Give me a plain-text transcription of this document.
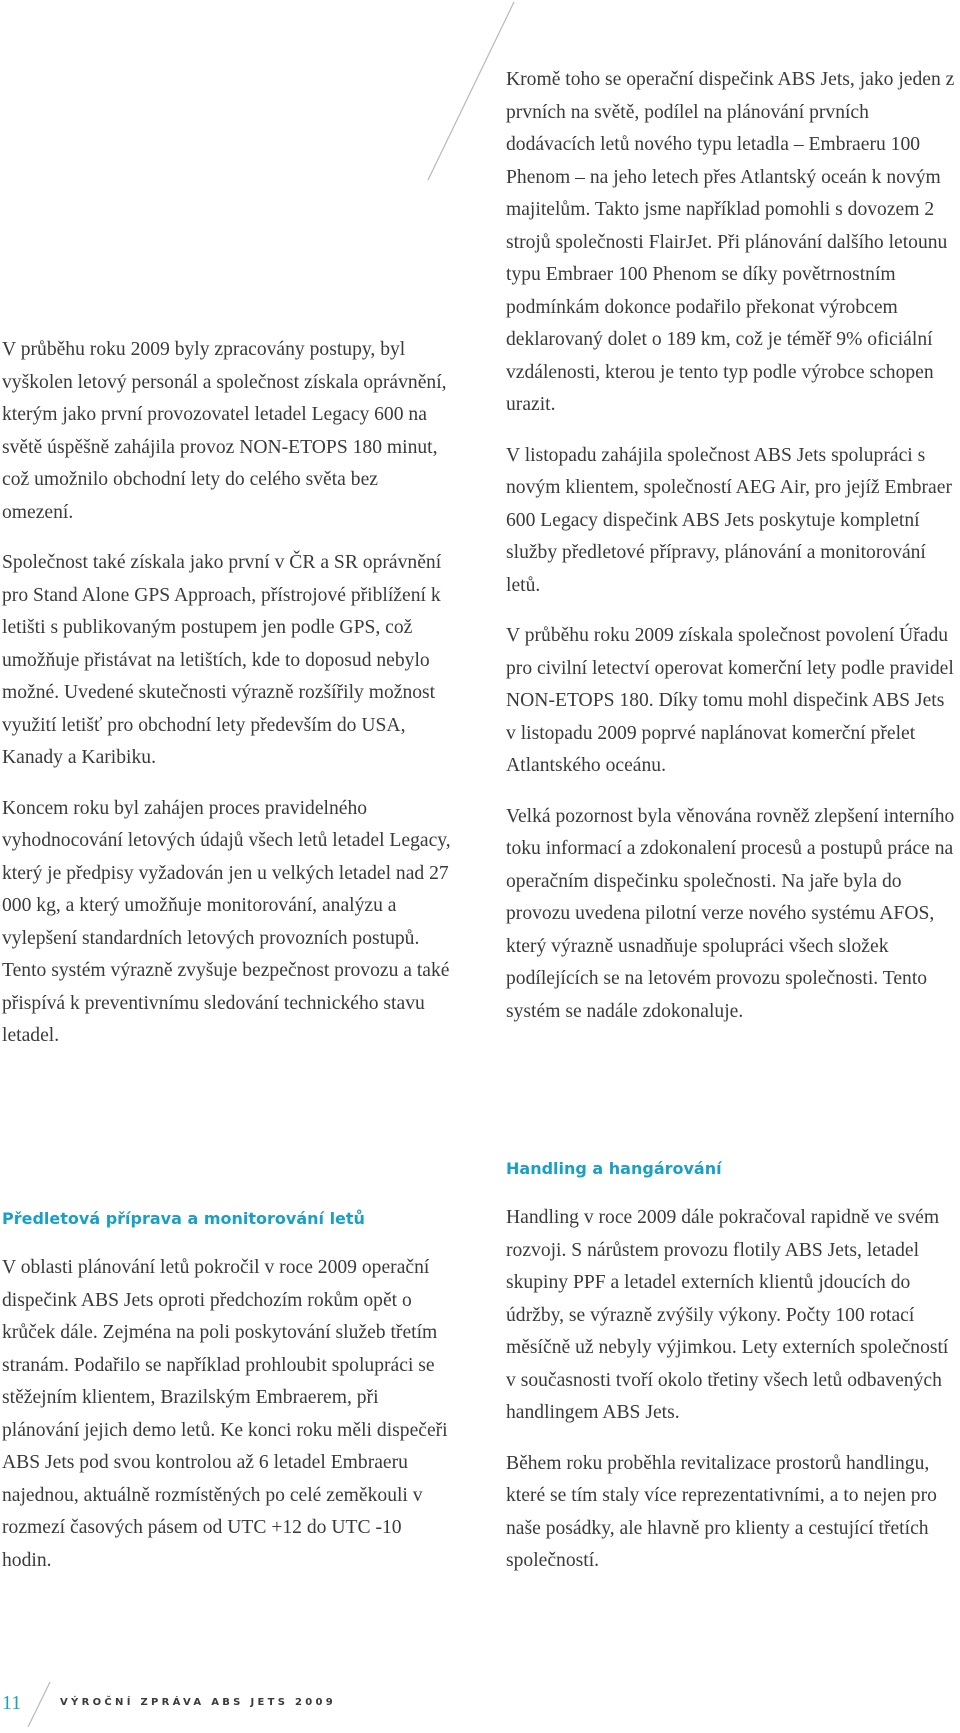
V průběhu roku 2009 byly zpracovány postupy, byl vyškolen letový personál a společnost získala oprávnění, kterým jako první provozovatel letadel Legacy 600 na světě úspěšně zahájila provoz NON-ETOPS 180 minut, což umožnilo obchodní lety do celého světa bez omezení.

Společnost také získala jako první v ČR a SR oprávnění pro Stand Alone GPS Approach, přístrojové přiblížení k letišti s publikovaným postupem jen podle GPS, což umožňuje přistávat na letištích, kde to doposud nebylo možné. Uvedené skutečnosti výrazně rozšířily možnost využití letišť pro obchodní lety především do USA, Kanady a Karibiku.

Koncem roku byl zahájen proces pravidelného vyhodnocování letových údajů všech letů letadel Legacy, který je předpisy vyžadován jen u velkých letadel nad 27 000 kg, a který umožňuje monitorování, analýzu a vylepšení standardních letových provozních postupů. Tento systém výrazně zvyšuje bezpečnost provozu a také přispívá k preventivnímu sledování technického stavu letadel.

Předletová příprava a monitorování letů

V oblasti plánování letů pokročil v roce 2009 operační dispečink ABS Jets oproti předchozím rokům opět o krůček dále. Zejména na poli poskytování služeb třetím stranám. Podařilo se například prohloubit spolupráci se stěžejním klientem, Brazilským Embraerem, při plánování jejich demo letů. Ke konci roku měli dispečeři ABS Jets pod svou kontrolou až 6 letadel Embraeru najednou, aktuálně rozmístěných po celé zeměkouli v rozmezí časových pásem od UTC +12 do UTC -10 hodin.

Kromě toho se operační dispečink ABS Jets, jako jeden z prvních na světě, podílel na plánování prvních dodávacích letů nového typu letadla – Embraeru 100 Phenom – na jeho letech přes Atlantský oceán k novým majitelům. Takto jsme například pomohli s dovozem 2 strojů společnosti FlairJet. Při plánování dalšího letounu typu Embraer 100 Phenom se díky povětrnostním podmínkám dokonce podařilo překonat výrobcem deklarovaný dolet o 189 km, což je téměř 9% oficiální vzdálenosti, kterou je tento typ podle výrobce schopen urazit.

V listopadu zahájila společnost ABS Jets spolupráci s novým klientem, společností AEG Air, pro jejíž Embraer 600 Legacy dispečink ABS Jets poskytuje kompletní služby předletové přípravy, plánování a monitorování letů.

V průběhu roku 2009 získala společnost povolení Úřadu pro civilní letectví operovat komerční lety podle pravidel NON-ETOPS 180. Díky tomu mohl dispečink ABS Jets v listopadu 2009 poprvé naplánovat komerční přelet Atlantského oceánu.

Velká pozornost byla věnována rovněž zlepšení interního toku informací a zdokonalení procesů a postupů práce na operačním dispečinku společnosti. Na jaře byla do provozu uvedena pilotní verze nového systému AFOS, který výrazně usnadňuje spolupráci všech složek podílejících se na letovém provozu společnosti. Tento systém se nadále zdokonaluje.

Handling a hangárování

Handling v roce 2009 dále pokračoval rapidně ve svém rozvoji. S nárůstem provozu flotily ABS Jets, letadel skupiny PPF a letadel externích klientů jdoucích do údržby, se výrazně zvýšily výkony. Počty 100 rotací měsíčně už nebyly výjimkou. Lety externích společností v současnosti tvoří okolo třetiny všech letů odbavených handlingem ABS Jets.

Během roku proběhla revitalizace prostorů handlingu, které se tím staly více reprezentativními, a to nejen pro naše posádky, ale hlavně pro klienty a cestující třetích společností.

11	VÝROČNÍ ZPRÁVA ABS JETS 2009
